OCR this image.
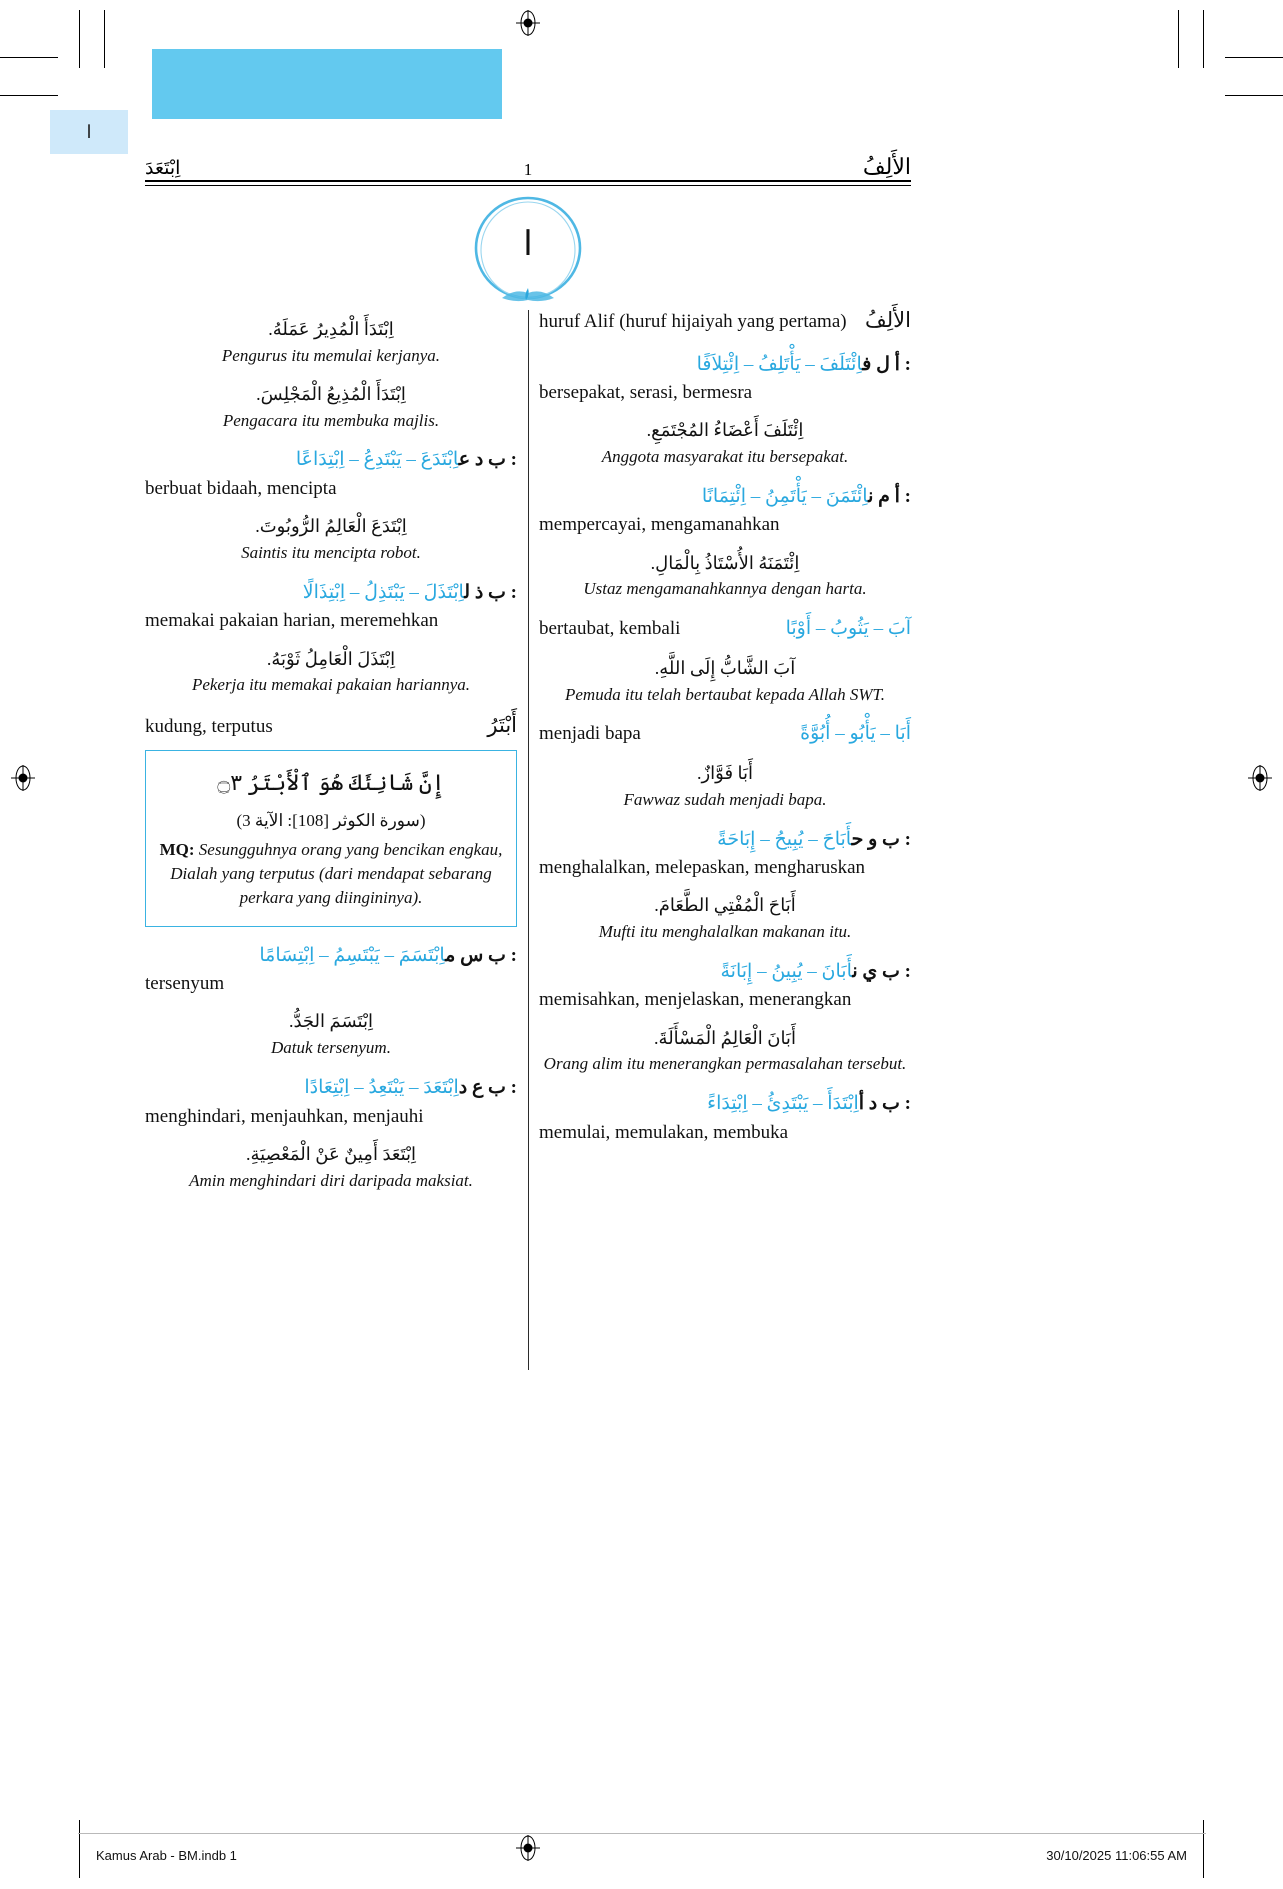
ا
اِبْتَعَدَ	1	الأَلِفُ
ا
اِبْتَدَأَ الْمُدِيرُ عَمَلَهُ.
Pengurus itu memulai kerjanya.
اِبْتَدَأَ الْمُذِيعُ الْمَجْلِسَ.
Pengacara itu membuka majlis.
: ب د عاِبْتَدَعَ – يَبْتَدِعُ – اِبْتِدَاعًا
berbuat bidaah, mencipta
اِبْتَدَعَ الْعَالِمُ الرُّوبُوتَ.
Saintis itu mencipta robot.
: ب ذ لاِبْتَذَلَ – يَبْتَذِلُ – اِبْتِذَالًا
memakai pakaian harian, meremehkan
اِبْتَذَلَ الْعَامِلُ ثَوْبَهُ.
Pekerja itu memakai pakaian hariannya.
kudung, terputus	أَبْتَرُ
إِنَّ شَانِئَكَ هُوَ ٱلْأَبْتَرُ ۝٣
(سورة الكوثر [108]: الآية 3)
MQ: Sesungguhnya orang yang bencikan engkau, Dialah yang terputus (dari mendapat sebarang perkara yang diingininya).
: ب س ماِبْتَسَمَ – يَبْتَسِمُ – اِبْتِسَامًا
tersenyum
اِبْتَسَمَ الجَدُّ.
Datuk tersenyum.
: ب ع داِبْتَعَدَ – يَبْتَعِدُ – اِبْتِعَادًا
menghindari, menjauhkan, menjauhi
اِبْتَعَدَ أَمِينٌ عَنْ الْمَعْصِيَةِ.
Amin menghindari diri daripada maksiat.
huruf Alif (huruf hijaiyah yang pertama) الأَلِفُ
: أ ل فاِئْتَلَفَ – يَأْتَلِفُ – اِئْتِلاَفًا
bersepakat, serasi, bermesra
اِئْتَلَفَ أَعْضَاءُ المُجْتَمَعِ.
Anggota masyarakat itu bersepakat.
: أ م ناِئْتَمَنَ – يَأْتَمِنُ – اِئْتِمَانًا
mempercayai, mengamanahkan
اِئْتَمَنَهُ الأُسْتَاذُ بِالْمَالِ.
Ustaz mengamanahkannya dengan harta.
bertaubat, kembali	آبَ – يَثُوبُ – أَوْبًا
آبَ الشَّابُّ إِلَى اللَّهِ.
Pemuda itu telah bertaubat kepada Allah SWT.
menjadi bapa	أَبَا – يَأْبُو – أُبُوَّةً
أَبَا فَوَّازٌ.
Fawwaz sudah menjadi bapa.
: ب و حأَبَاحَ – يُبِيحُ – إِبَاحَةً
menghalalkan, melepaskan, mengharuskan
أَبَاحَ الْمُفْتِي الطَّعَامَ.
Mufti itu menghalalkan makanan itu.
: ب ي نأَبَانَ – يُبِينُ – إِبَانَةً
memisahkan, menjelaskan, menerangkan
أَبَانَ الْعَالِمُ الْمَسْأَلَةَ.
Orang alim itu menerangkan permasalahan tersebut.
: ب د أاِبْتَدَأَ – يَبْتَدِئُ – اِبْتِدَاءً
memulai, memulakan, membuka
Kamus Arab - BM.indb 1	30/10/2025 11:06:55 AM
